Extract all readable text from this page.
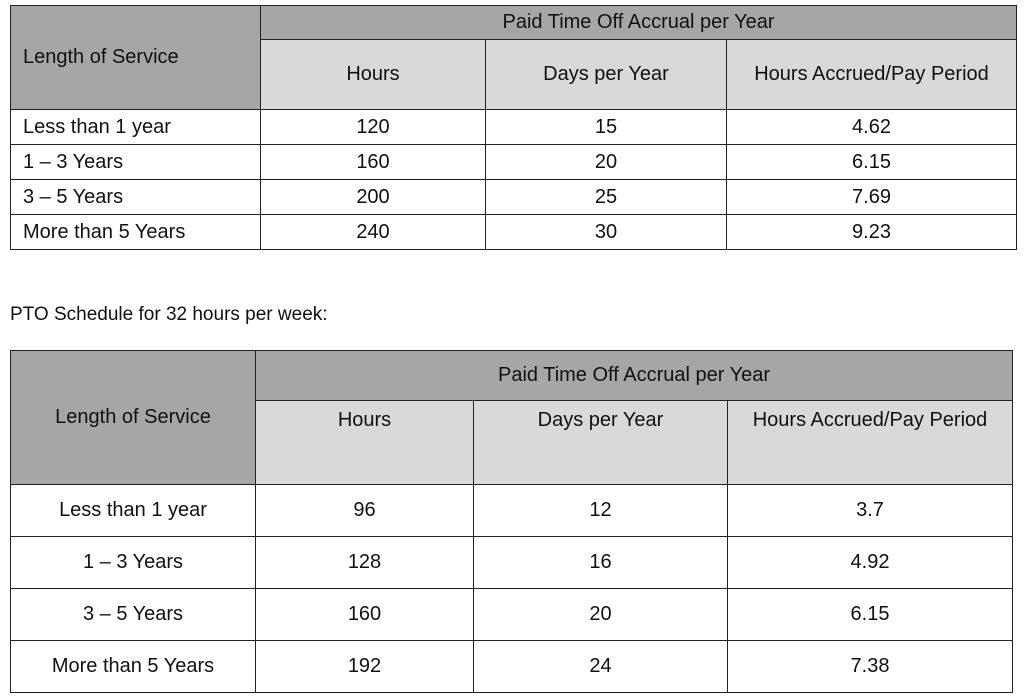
Length of Service	Paid Time Off Accrual per Year		
	Hours	Days per Year	Hours Accrued/Pay Period
Less than 1 year	120	15	4.62
1 – 3 Years	160	20	6.15
3 – 5 Years	200	25	7.69
More than 5 Years	240	30	9.23

PTO Schedule for 32 hours per week:

Length of Service	Paid Time Off Accrual per Year		
	Hours	Days per Year	Hours Accrued/Pay Period
Less than 1 year	96	12	3.7
1 – 3 Years	128	16	4.92
3 – 5 Years	160	20	6.15
More than 5 Years	192	24	7.38
